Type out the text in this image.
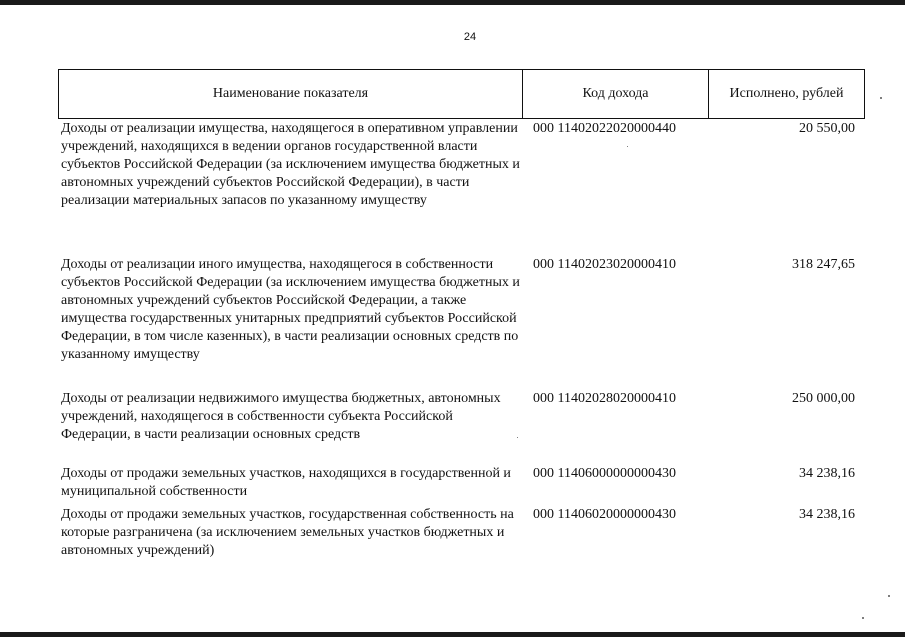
24
Наименование показателя	Код дохода	Исполнено, рублей
Доходы от реализации имущества, находящегося в оперативном управлении учреждений, находящихся в ведении органов государственной власти субъектов Российской Федерации (за исключением имущества бюджетных и автономных учреждений субъектов Российской Федерации), в части реализации материальных запасов по указанному имуществу
000 11402022020000440	20 550,00
Доходы от реализации иного имущества, находящегося в собственности субъектов Российской Федерации (за исключением имущества бюджетных и автономных учреждений субъектов Российской Федерации, а также имущества государственных унитарных предприятий субъектов Российской Федерации, в том числе казенных), в части реализации основных средств по указанному имуществу
000 11402023020000410	318 247,65
Доходы от реализации недвижимого имущества бюджетных, автономных учреждений, находящегося в собственности субъекта Российской Федерации, в части реализации основных средств
000 11402028020000410	250 000,00
Доходы от продажи земельных участков, находящихся в государственной и муниципальной собственности
000 11406000000000430	34 238,16
Доходы от продажи земельных участков, государственная собственность на которые разграничена (за исключением земельных участков бюджетных и автономных учреждений)
000 11406020000000430	34 238,16
